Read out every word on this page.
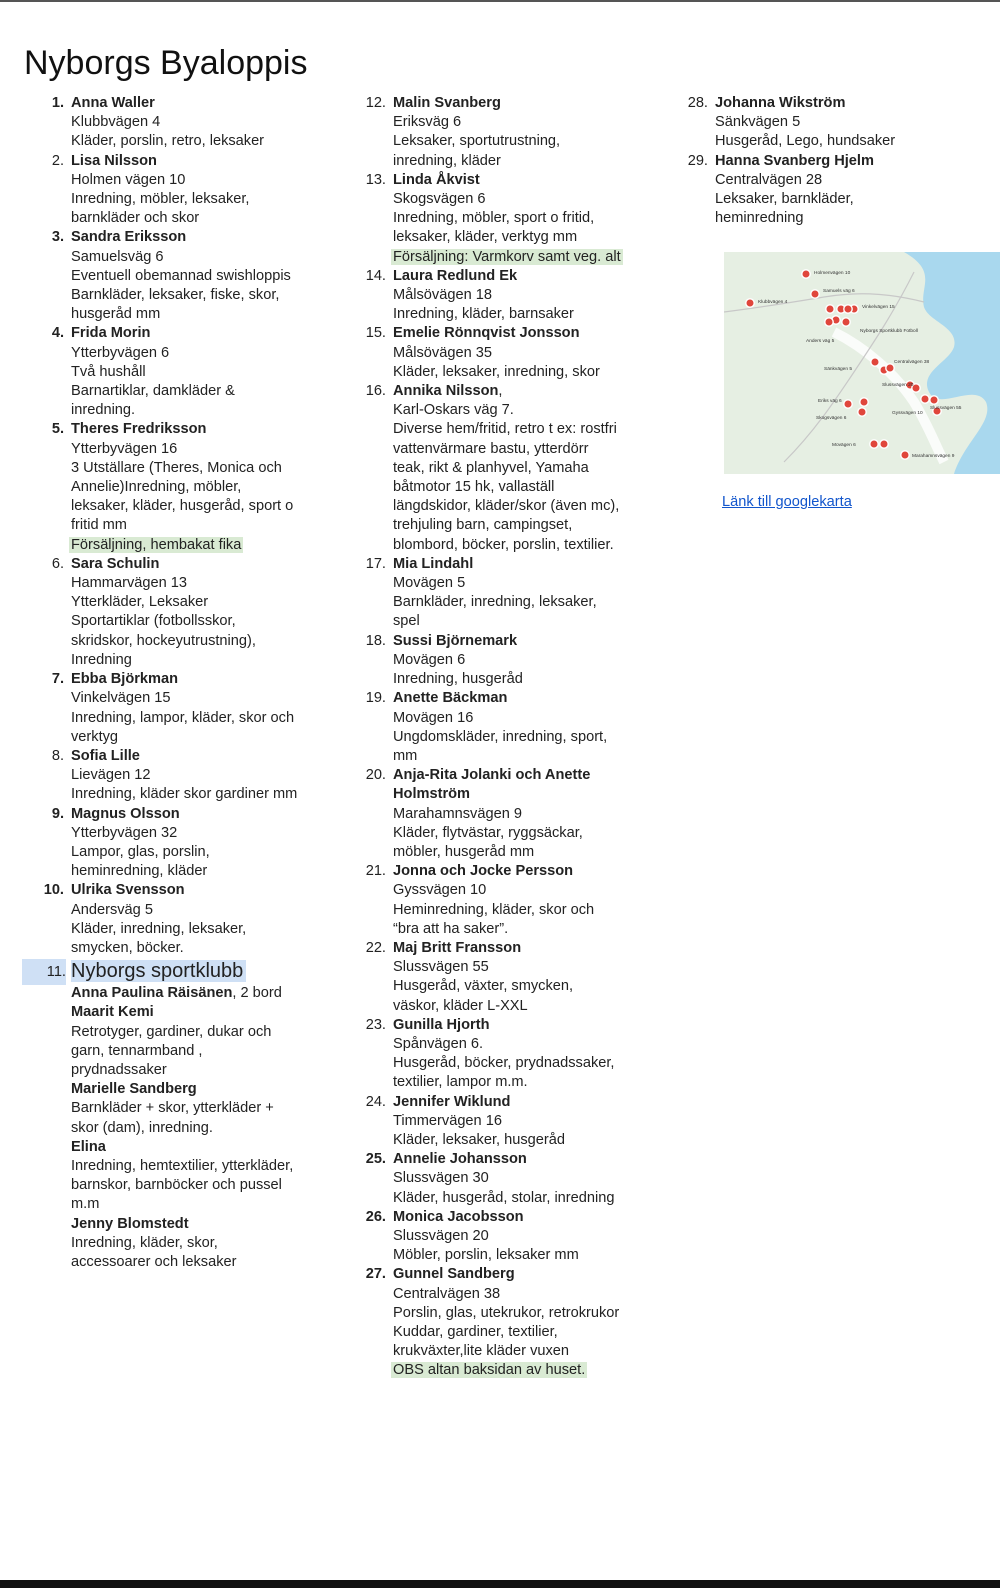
Nyborgs Byaloppis
1. Anna Waller
Klubbvägen 4
Kläder, porslin, retro, leksaker
2. Lisa Nilsson
Holmen vägen 10
Inredning, möbler, leksaker,
barnkläder och skor
3. Sandra Eriksson
Samuelsväg 6
Eventuell obemannad swishloppis
Barnkläder, leksaker, fiske, skor,
husgeråd mm
4. Frida Morin
Ytterbyvägen 6
Två hushåll
Barnartiklar, damkläder &
inredning.
5. Theres Fredriksson
Ytterbyvägen 16
3 Utställare (Theres, Monica och
Annelie)Inredning, möbler,
leksaker, kläder, husgeråd, sport o
fritid mm
Försäljning, hembakat fika
6. Sara Schulin
Hammarvägen 13
Ytterkläder, Leksaker
Sportartiklar (fotbollsskor,
skridskor, hockeyutrustning),
Inredning
7. Ebba Björkman
Vinkelvägen 15
Inredning, lampor, kläder, skor och
verktyg
8. Sofia Lille
Lievägen 12
Inredning, kläder skor gardiner mm
9. Magnus Olsson
Ytterbyvägen 32
Lampor, glas, porslin,
heminredning, kläder
10. Ulrika Svensson
Andersväg 5
Kläder, inredning, leksaker,
smycken, böcker.
11. Nyborgs sportklubb
Anna Paulina Räisänen, 2 bord
Maarit Kemi
Retrotyger, gardiner, dukar och
garn, tennarmband ,
prydnadssaker
Marielle Sandberg
Barnkläder + skor, ytterkläder +
skor (dam), inredning.
Elina
Inredning, hemtextilier, ytterkläder,
barnskor, barnböcker och pussel
m.m
Jenny Blomstedt
Inredning, kläder, skor,
accessoarer och leksaker
12. Malin Svanberg
Eriksväg 6
Leksaker, sportutrustning,
inredning, kläder
13. Linda Åkvist
Skogsvägen 6
Inredning, möbler, sport o fritid,
leksaker, kläder, verktyg mm
Försäljning: Varmkorv samt veg. alt
14. Laura Redlund Ek
Målsövägen 18
Inredning, kläder, barnsaker
15. Emelie Rönnqvist Jonsson
Målsövägen 35
Kläder, leksaker, inredning, skor
16. Annika Nilsson,
Karl-Oskars väg 7.
Diverse hem/fritid, retro t ex: rostfri
vattenvärmare bastu, ytterdörr
teak, rikt & planhyvel, Yamaha
båtmotor 15 hk, vallaställ
längdskidor, kläder/skor (även mc),
trehjuling barn, campingset,
blombord, böcker, porslin, textilier.
17. Mia Lindahl
Movägen 5
Barnkläder, inredning, leksaker,
spel
18. Sussi Björnemark
Movägen 6
Inredning, husgeråd
19. Anette Bäckman
Movägen 16
Ungdomskläder, inredning, sport,
mm
20. Anja-Rita Jolanki och Anette
Holmström
Marahamnsvägen 9
Kläder, flytvästar, ryggsäckar,
möbler, husgeråd mm
21. Jonna och Jocke Persson
Gyssvägen 10
Heminredning, kläder, skor och
“bra att ha saker”.
22. Maj Britt Fransson
Slussvägen 55
Husgeråd, växter, smycken,
väskor, kläder L-XXL
23. Gunilla Hjorth
Spånvägen 6.
Husgeråd, böcker, prydnadssaker,
textilier, lampor m.m.
24. Jennifer Wiklund
Timmervägen 16
Kläder, leksaker, husgeråd
25. Annelie Johansson
Slussvägen 30
Kläder, husgeråd, stolar, inredning
26. Monica Jacobsson
Slussvägen 20
Möbler, porslin, leksaker mm
27. Gunnel Sandberg
Centralvägen 38
Porslin, glas, utekrukor, retrokrukor
Kuddar, gardiner, textilier,
krukväxter,lite kläder vuxen
OBS altan baksidan av huset.
28. Johanna Wikström
Sänkvägen 5
Husgeråd, Lego, hundsaker
29. Hanna Svanberg Hjelm
Centralvägen 28
Leksaker, barnkläder,
heminredning
Holmenvägen 10
Samuels väg 6
Klubbvägen 4
Vinkelvägen 15
Nyborgs Sportklubb Fotboll
Anders väg 5
Centralvägen 38
Sänkvägen 5
Slussvägen 20
Eriks väg 6
Gyssvägen 10
Skogsvägen 6
Slussvägen 55
Movägen 6
Marahamnsvägen 9
Länk till googlekarta
